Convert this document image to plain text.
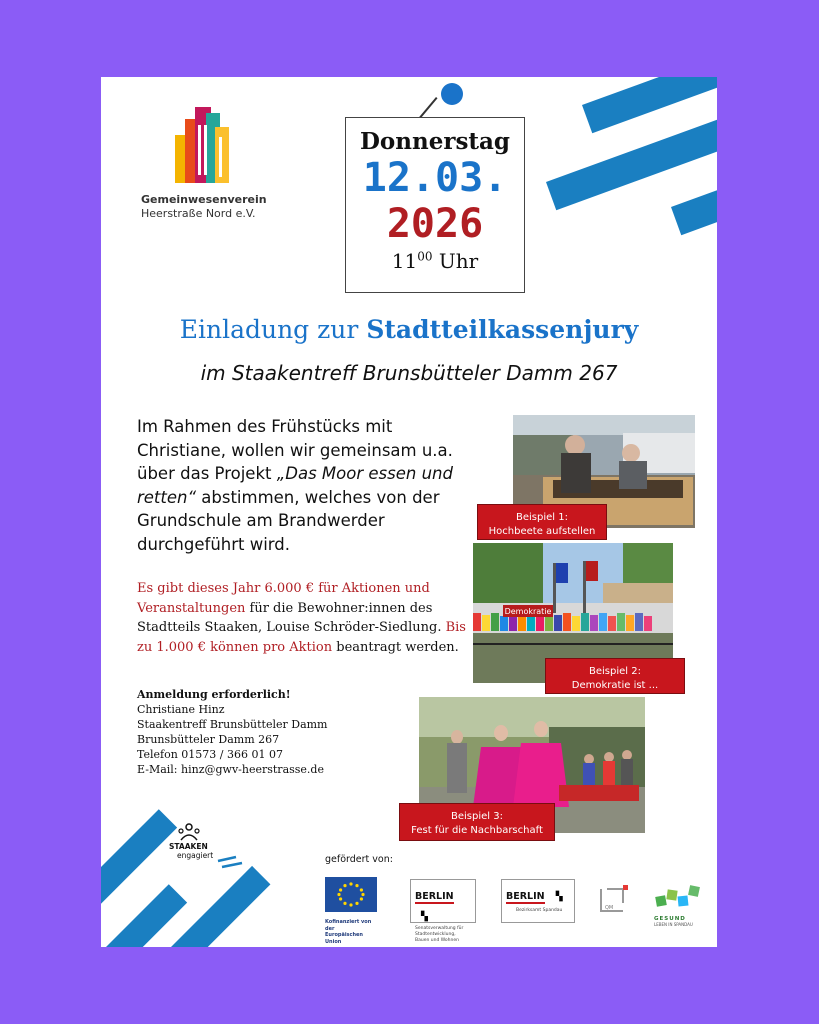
Gemeinwesenverein
Heerstraße Nord e.V.
Donnerstag
12.03.
2026
$11^{00}$ Uhr
Einladung zur Stadtteilkassenjury
im Staakentreff Brunsbütteler Damm 267
Im Rahmen des Frühstücks mit Christiane, wollen wir gemeinsam u.a. über das Projekt „Das Moor essen und retten“ abstimmen, welches von der Grundschule am Brandwerder durchgeführt wird.
Es gibt dieses Jahr 6.000 € für Aktionen und Veranstaltungen für die Bewohner:innen des Stadtteils Staaken, Louise Schröder-Siedlung. Bis zu 1.000 € können pro Aktion beantragt werden.
Anmeldung erforderlich!
Christiane Hinz
Staakentreff Brunsbütteler Damm
Brunsbütteler Damm 267
Telefon 01573 / 366 01 07
E-Mail: hinz@gwv-heerstrasse.de
Beispiel 1:
Hochbeete aufstellen
Demokratie
Beispiel 2:
Demokratie ist ...
Beispiel 3:
Fest für die Nachbarschaft
STAAKEN
engagiert	gefördert von:
Kofinanziert von der
Europäischen Union
BERLIN ▚
Senatsverwaltung für Stadtentwicklung, Bauen und Wohnen
BERLIN ▚
Bezirksamt Spandau	QM
GESUND
LEBEN IN SPANDAU
